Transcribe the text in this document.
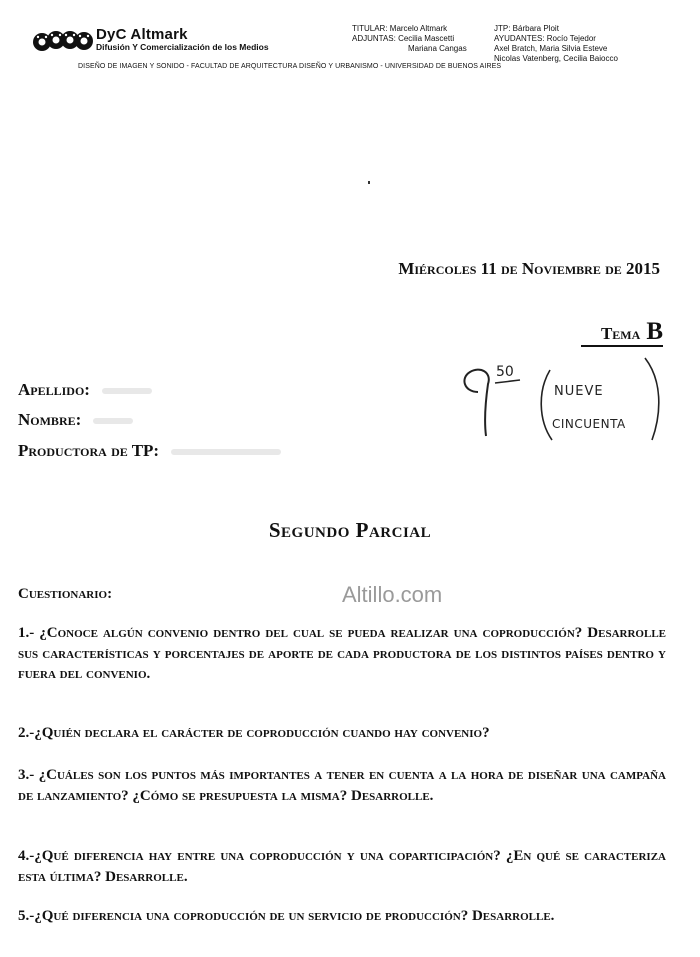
DyC Altmark
Difusión Y Comercialización de los Medios
TITULAR: Marcelo Altmark
ADJUNTAS: Cecilia Mascetti
Mariana Cangas
JTP: Bárbara Ploit
AYUDANTES: Rocío Tejedor
Axel Bratch, Maria Silvia Esteve
Nicolas Vatenberg, Cecilia Baiocco
DISEÑO DE IMAGEN Y SONIDO - FACULTAD DE ARQUITECTURA DISEÑO Y URBANISMO - UNIVERSIDAD DE BUENOS AIRES
Miércoles 11 de Noviembre de 2015
Tema B
Apellido:
Nombre:
Productora de TP:
50
NUEVE
CINCUENTA
Segundo Parcial
Cuestionario:	Altillo.com
1.- ¿Conoce algún convenio dentro del cual se pueda realizar una coproducción? Desarrolle sus características y porcentajes de aporte de cada productora de los distintos países dentro y fuera del convenio.
2.-¿Quién declara el carácter de coproducción cuando hay convenio?
3.- ¿Cuáles son los puntos más importantes a tener en cuenta a la hora de diseñar una campaña de lanzamiento? ¿Cómo se presupuesta la misma? Desarrolle.
4.-¿Qué diferencia hay entre una coproducción y una coparticipación? ¿En qué se caracteriza esta última? Desarrolle.
5.-¿Qué diferencia una coproducción de un servicio de producción? Desarrolle.
